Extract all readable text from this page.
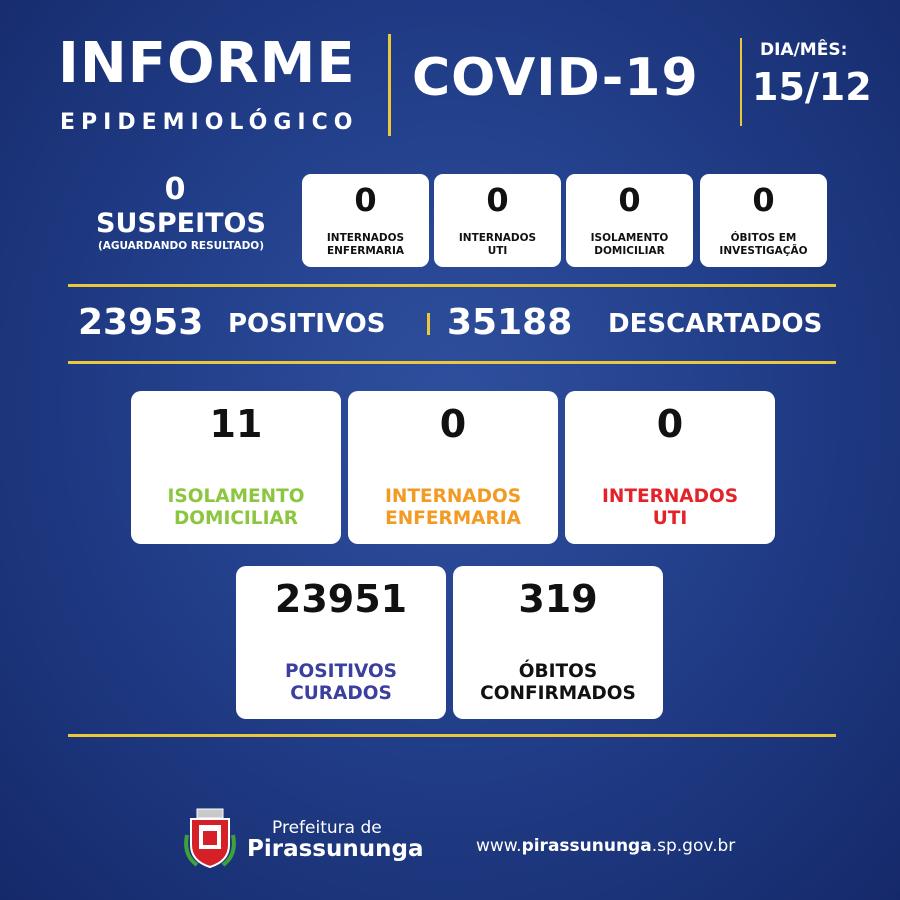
INFORME
EPIDEMIOLÓGICO
COVID-19	DIA/MÊS:
15/12
0
SUSPEITOS
(AGUARDANDO RESULTADO)
0
INTERNADOS
ENFERMARIA
0
INTERNADOS
UTI
0
ISOLAMENTO
DOMICILIAR
0
ÓBITOS EM
INVESTIGAÇÃO
23953 POSITIVOS 35188 DESCARTADOS
11
ISOLAMENTO
DOMICILIAR
0
INTERNADOS
ENFERMARIA
0
INTERNADOS
UTI
23951
POSITIVOS
CURADOS
319
ÓBITOS
CONFIRMADOS
Prefeitura de
Pirassununga	www.pirassununga.sp.gov.br
